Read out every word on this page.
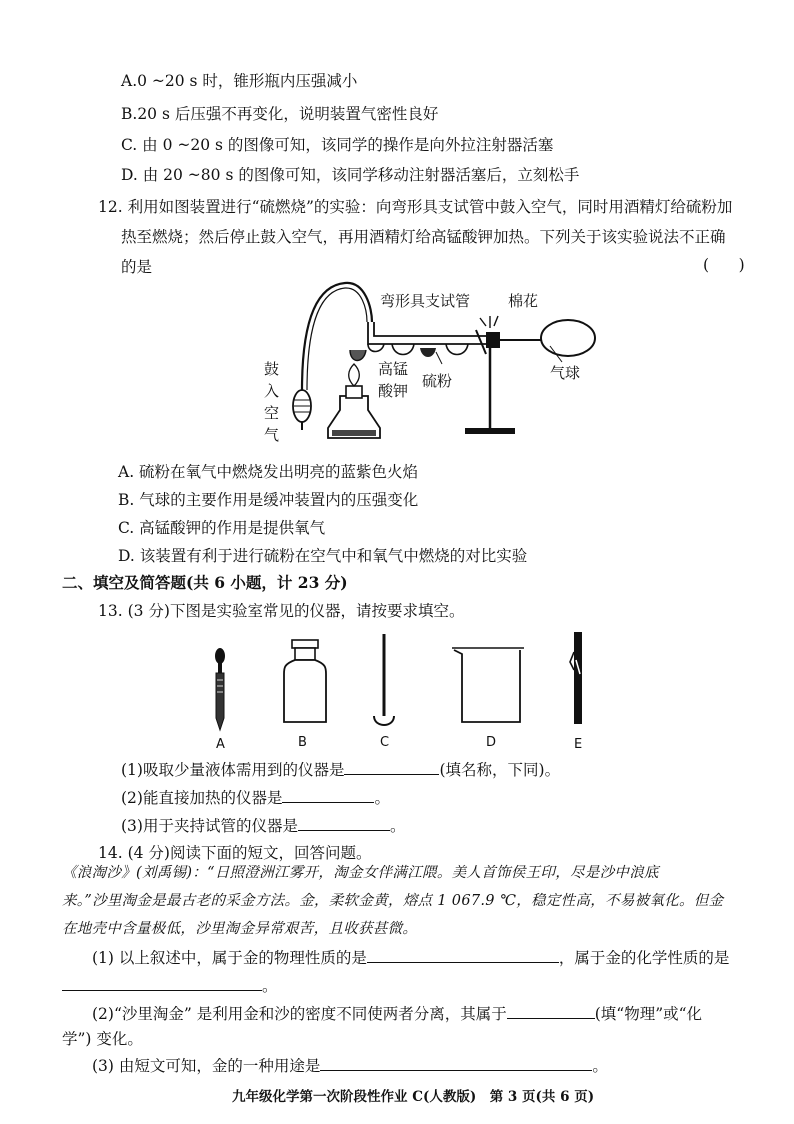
A.0 ~20 s 时，锥形瓶内压强减小
B.20 s 后压强不再变化，说明装置气密性良好
C. 由 0 ~20 s 的图像可知，该同学的操作是向外拉注射器活塞
D. 由 20 ~80 s 的图像可知，该同学移动注射器活塞后，立刻松手
12. 利用如图装置进行“硫燃烧”的实验：向弯形具支试管中鼓入空气，同时用酒精灯给硫粉加
热至燃烧；然后停止鼓入空气，再用酒精灯给高锰酸钾加热。下列关于该实验说法不正确
的是	(      )
弯形具支试管	棉花
高锰
酸钾
硫粉	气球
鼓
入
空
气
A. 硫粉在氧气中燃烧发出明亮的蓝紫色火焰
B. 气球的主要作用是缓冲装置内的压强变化
C. 高锰酸钾的作用是提供氧气
D. 该装置有利于进行硫粉在空气中和氧气中燃烧的对比实验
二、填空及简答题(共 6 小题，计 23 分)
13. (3 分)下图是实验室常见的仪器，请按要求填空。
A	B	C	D	E
(1)吸取少量液体需用到的仪器是	(填名称，下同)。
(2)能直接加热的仪器是	。
(3)用于夹持试管的仪器是	。
14. (4 分)阅读下面的短文，回答问题。
《浪淘沙》(刘禹锡)：“日照澄洲江雾开，淘金女伴满江隈。美人首饰侯王印，尽是沙中浪底
来。”沙里淘金是最古老的采金方法。金，柔软金黄，熔点 1 067.9 ℃，稳定性高，不易被氧化。但金
在地壳中含量极低，沙里淘金异常艰苦，且收获甚微。
(1) 以上叙述中，属于金的物理性质的是	，属于金的化学性质的是
。
(2)“沙里淘金” 是利用金和沙的密度不同使两者分离，其属于	(填“物理”或“化
学”) 变化。
(3) 由短文可知，金的一种用途是	。
九年级化学第一次阶段性作业 C(人教版)　第 3 页(共 6 页)
